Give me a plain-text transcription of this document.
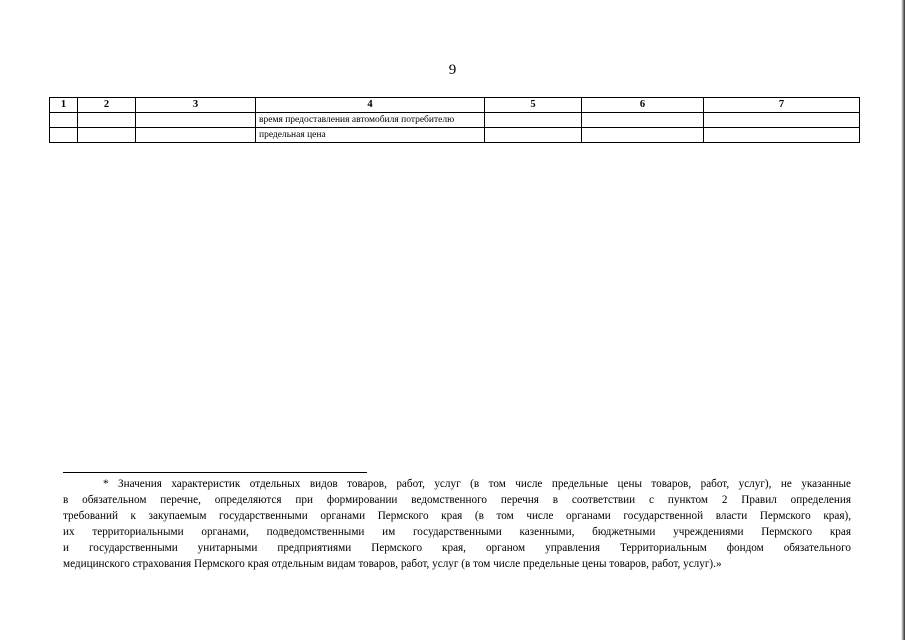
9
1	2	3	4	5	6	7
			время предоставления автомобиля потребителю			
			предельная цена			
* Значения характеристик отдельных видов товаров, работ, услуг (в том числе предельные цены товаров, работ, услуг), не указанные
в обязательном перечне, определяются при формировании ведомственного перечня в соответствии с пунктом 2 Правил определения
требований к закупаемым государственными органами Пермского края (в том числе органами государственной власти Пермского края),
их территориальными органами, подведомственными им государственными казенными, бюджетными учреждениями Пермского края
и государственными унитарными предприятиями Пермского края, органом управления Территориальным фондом обязательного
медицинского страхования Пермского края отдельным видам товаров, работ, услуг (в том числе предельные цены товаров, работ, услуг).»
